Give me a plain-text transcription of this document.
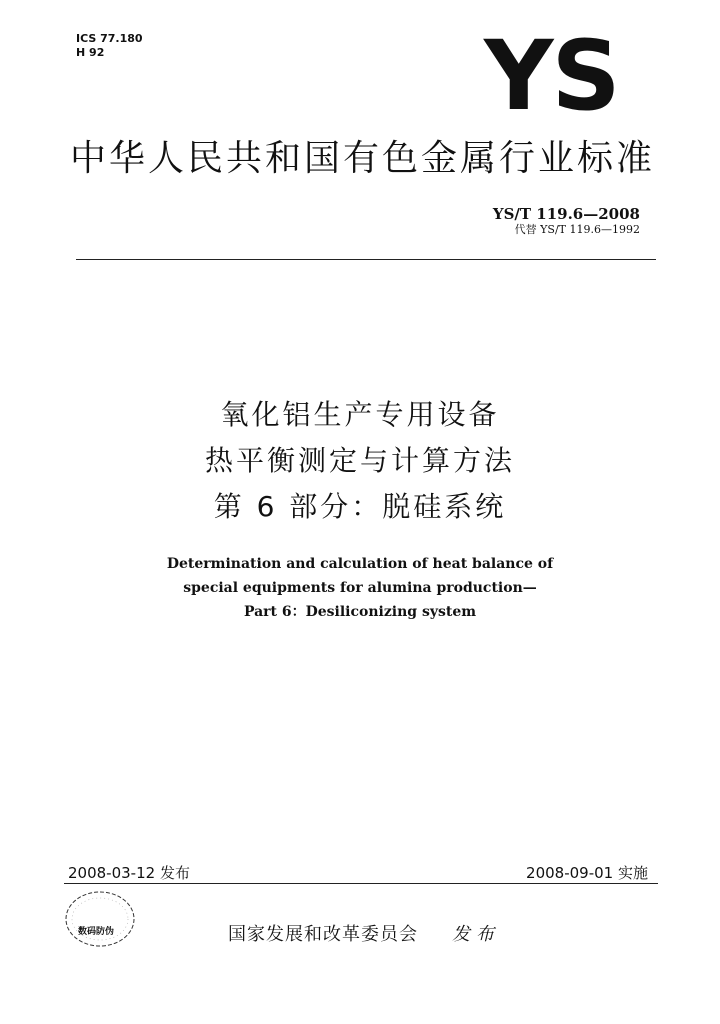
ICS 77.180
H 92	YS
中华人民共和国有色金属行业标准
YS/T 119.6—2008
代替 YS/T 119.6—1992
氧化铝生产专用设备
热平衡测定与计算方法
第 6 部分：脱硅系统
Determination and calculation of heat balance of
special equipments for alumina production—
Part 6：Desiliconizing system
2008-03-12 发布	2008-09-01 实施
数码防伪	国家发展和改革委员会 发布
